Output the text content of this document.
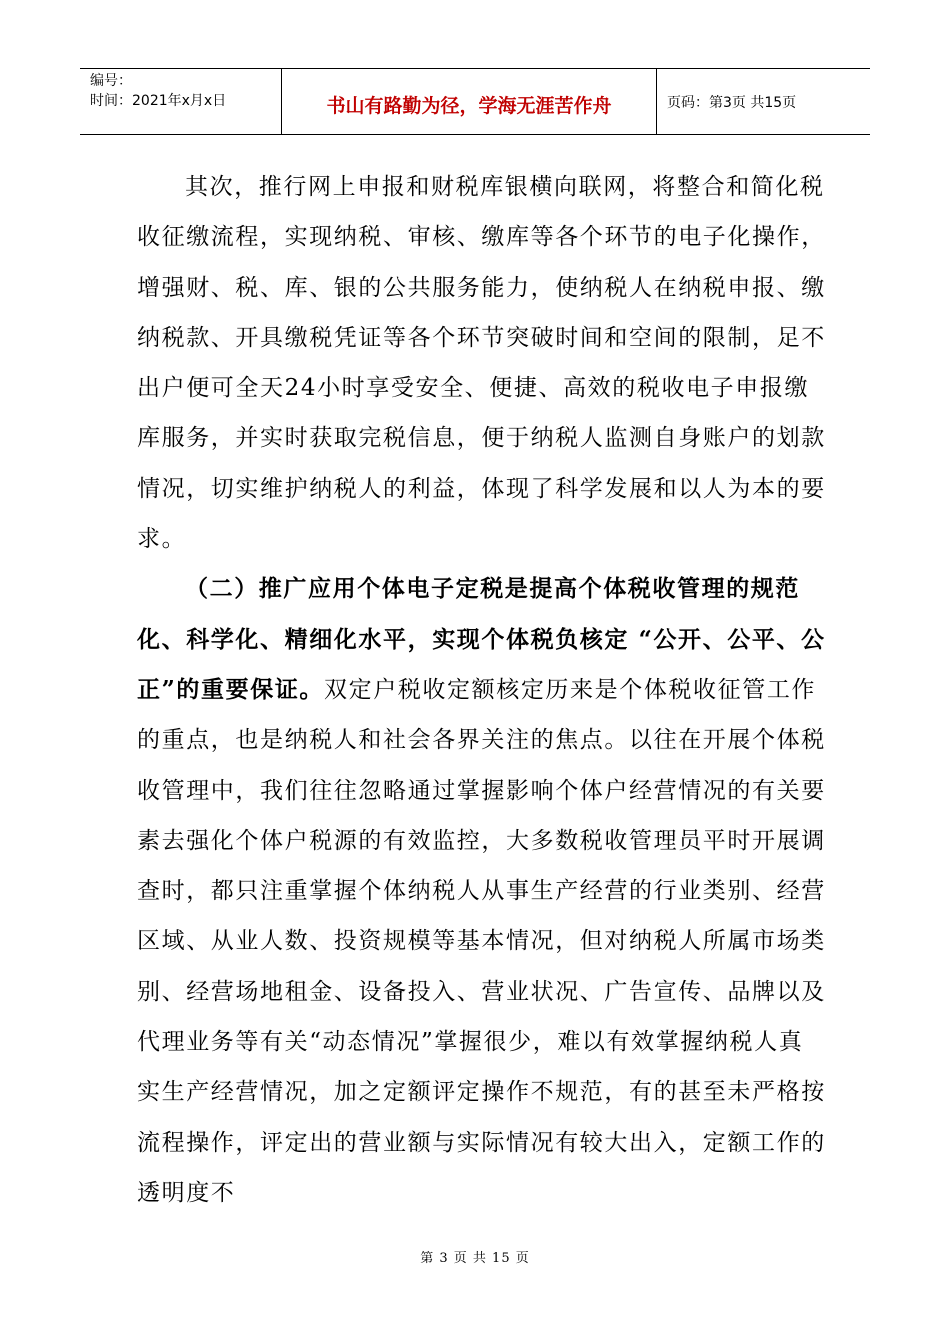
编号：
时间：2021年x月x日	书山有路勤为径，学海无涯苦作舟	页码：第3页 共15页

其次，推行网上申报和财税库银横向联网，将整合和简化税收征缴流程，实现纳税、审核、缴库等各个环节的电子化操作，增强财、税、库、银的公共服务能力，使纳税人在纳税申报、缴纳税款、开具缴税凭证等各个环节突破时间和空间的限制，足不出户便可全天24小时享受安全、便捷、高效的税收电子申报缴库服务，并实时获取完税信息，便于纳税人监测自身账户的划款情况，切实维护纳税人的利益，体现了科学发展和以人为本的要求。

（二）推广应用个体电子定税是提高个体税收管理的规范化、科学化、精细化水平，实现个体税负核定 “公开、公平、公正”的重要保证。双定户税收定额核定历来是个体税收征管工作的重点，也是纳税人和社会各界关注的焦点。以往在开展个体税收管理中，我们往往忽略通过掌握影响个体户经营情况的有关要素去强化个体户税源的有效监控，大多数税收管理员平时开展调查时，都只注重掌握个体纳税人从事生产经营的行业类别、经营区域、从业人数、投资规模等基本情况，但对纳税人所属市场类别、经营场地租金、设备投入、营业状况、广告宣传、品牌以及代理业务等有关“动态情况”掌握很少，难以有效掌握纳税人真实生产经营情况，加之定额评定操作不规范，有的甚至未严格按流程操作，评定出的营业额与实际情况有较大出入，定额工作的透明度不

第 3 页 共 15 页
